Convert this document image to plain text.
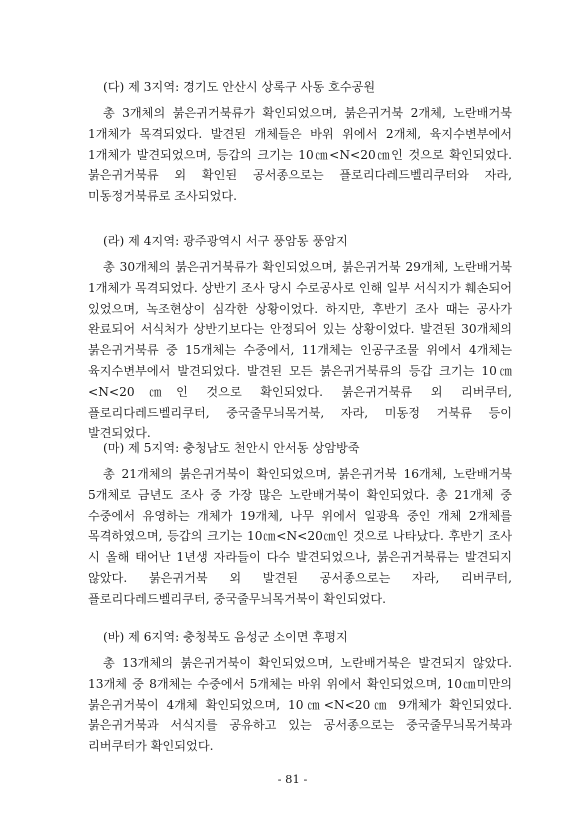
(다) 제 3지역: 경기도 안산시 상록구 사동 호수공원

총 3개체의 붉은귀거북류가 확인되었으며, 붉은귀거북 2개체, 노란배거북 1개체가 목격되었다. 발견된 개체들은 바위 위에서 2개체, 육지수변부에서 1개체가 발견되었으며, 등갑의 크기는 10㎝<N<20㎝인 것으로 확인되었다. 붉은귀거북류 외 확인된 공서종으로는 플로리다레드벨리쿠터와 자라, 미동정거북류로 조사되었다.

(라) 제 4지역: 광주광역시 서구 풍암동 풍암지

총 30개체의 붉은귀거북류가 확인되었으며, 붉은귀거북 29개체, 노란배거북 1개체가 목격되었다. 상반기 조사 당시 수로공사로 인해 일부 서식지가 훼손되어 있었으며, 녹조현상이 심각한 상황이었다. 하지만, 후반기 조사 때는 공사가 완료되어 서식처가 상반기보다는 안정되어 있는 상황이었다. 발견된 30개체의 붉은귀거북류 중 15개체는 수중에서, 11개체는 인공구조물 위에서 4개체는 육지수변부에서 발견되었다. 발견된 모든 붉은귀거북류의 등갑 크기는 10㎝<N<20㎝인 것으로 확인되었다. 붉은귀거북류 외 리버쿠터, 플로리다레드벨리쿠터, 중국줄무늬목거북, 자라, 미동정 거북류 등이 발견되었다.

(마) 제 5지역: 충청남도 천안시 안서동 상암방죽

총 21개체의 붉은귀거북이 확인되었으며, 붉은귀거북 16개체, 노란배거북 5개체로 금년도 조사 중 가장 많은 노란배거북이 확인되었다. 총 21개체 중 수중에서 유영하는 개체가 19개체, 나무 위에서 일광욕 중인 개체 2개체를 목격하였으며, 등갑의 크기는 10㎝<N<20㎝인 것으로 나타났다. 후반기 조사 시 올해 태어난 1년생 자라들이 다수 발견되었으나, 붉은귀거북류는 발견되지 않았다. 붉은귀거북 외 발견된 공서종으로는 자라, 리버쿠터, 플로리다레드벨리쿠터, 중국줄무늬목거북이 확인되었다.

(바) 제 6지역: 충청북도 음성군 소이면 후평지

총 13개체의 붉은귀거북이 확인되었으며, 노란배거북은 발견되지 않았다. 13개체 중 8개체는 수중에서 5개체는 바위 위에서 확인되었으며, 10㎝미만의 붉은귀거북이 4개체 확인되었으며, 10㎝<N<20㎝ 9개체가 확인되었다. 붉은귀거북과 서식지를 공유하고 있는 공서종으로는 중국줄무늬목거북과 리버쿠터가 확인되었다.

- 81 -
